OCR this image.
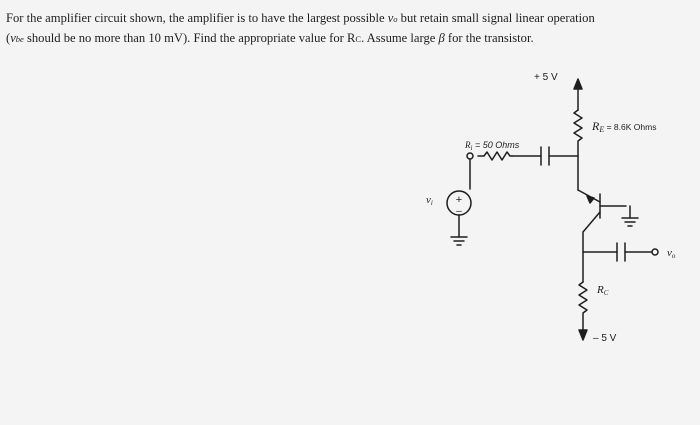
For the amplifier circuit shown, the amplifier is to have the largest possible vo but retain small signal linear operation
(vbe should be no more than 10 mV). Find the appropriate value for RC. Assume large β for the transistor.
+
–
+ 5 V
– 5 V
RE = 8.6K Ohms
$R_i = 50$ Ohms
RC
vi
vo
